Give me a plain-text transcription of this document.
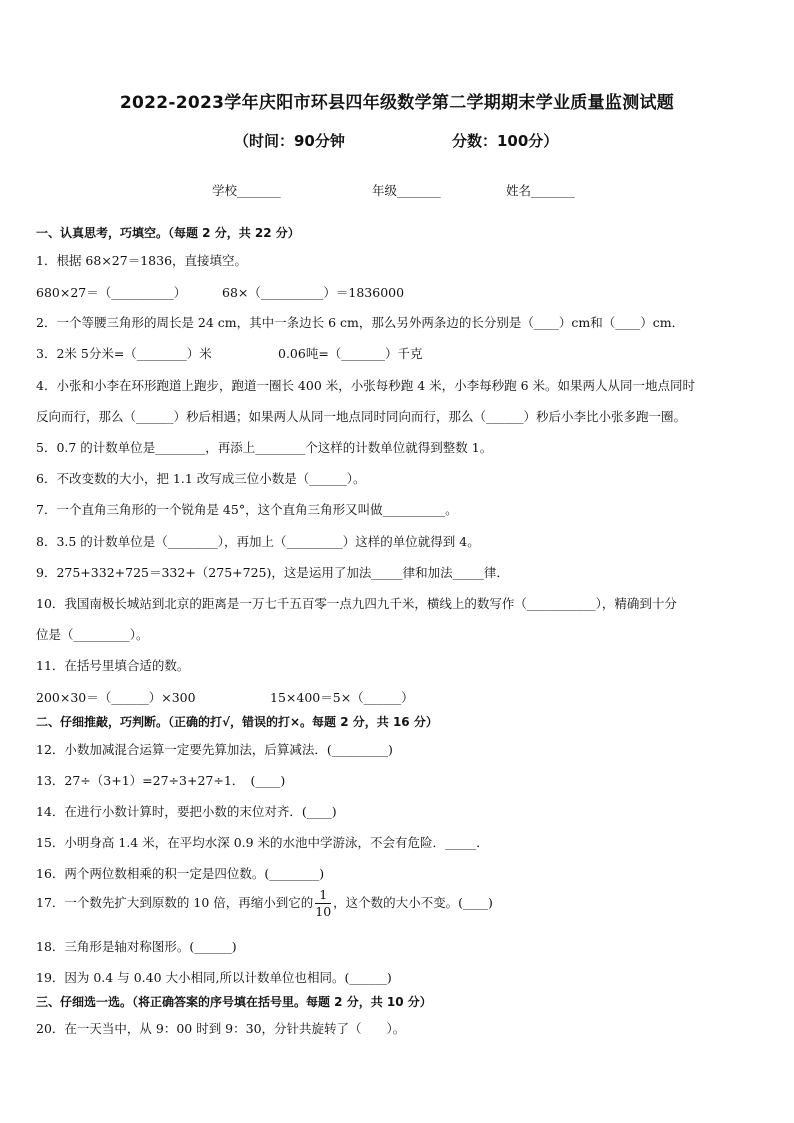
2022-2023学年庆阳市环县四年级数学第二学期期末学业质量监测试题
（时间：90分钟	分数：100分）
学校_______	年级_______	姓名_______
一、认真思考，巧填空。（每题 2 分，共 22 分）
1．根据 68×27＝1836，直接填空。
680×27＝（__________）	68×（__________）＝1836000
2．一个等腰三角形的周长是 24 cm，其中一条边长 6 cm，那么另外两条边的长分别是（____）cm和（____）cm．
3．2米 5分米=（________）米	0.06吨=（_______）千克
4．小张和小李在环形跑道上跑步，跑道一圈长 400 米，小张每秒跑 4 米，小李每秒跑 6 米。如果两人从同一地点同时
反向而行，那么（______）秒后相遇；如果两人从同一地点同时同向而行，那么（______）秒后小李比小张多跑一圈。
5．0.7 的计数单位是________，再添上________个这样的计数单位就得到整数 1。
6．不改变数的大小，把 1.1 改写成三位小数是（______）。
7．一个直角三角形的一个锐角是 45°，这个直角三角形又叫做__________。
8．3.5 的计数单位是（________），再加上（_________）这样的单位就得到 4。
9．275+332+725＝332+（275+725)，这是运用了加法_____律和加法_____律．
10．我国南极长城站到北京的距离是一万七千五百零一点九四九千米，横线上的数写作（___________），精确到十分
位是（_________）。
11．在括号里填合适的数。
200×30＝（______）×300	15×400＝5×（______）
二、仔细推敲，巧判断。（正确的打√，错误的打×。每题 2 分，共 16 分）
12．小数加减混合运算一定要先算加法，后算减法．(_________)
13．27÷（3+1）=27÷3+27÷1．　(____)
14．在进行小数计算时，要把小数的末位对齐．(____)
15．小明身高 1.4 米，在平均水深 0.9 米的水池中学游泳，不会有危险．_____．
16．两个两位数相乘的积一定是四位数。(________)
17．一个数先扩大到原数的 10 倍，再缩小到它的 $\frac{1}{10}$ ，这个数的大小不变。(____)
18．三角形是轴对称图形。(______)
19．因为 0.4 与 0.40 大小相同,所以计数单位也相同。(______)
三、仔细选一选。（将正确答案的序号填在括号里。每题 2 分，共 10 分）
20．在一天当中，从 9：00 时到 9：30，分针共旋转了（　　）。
